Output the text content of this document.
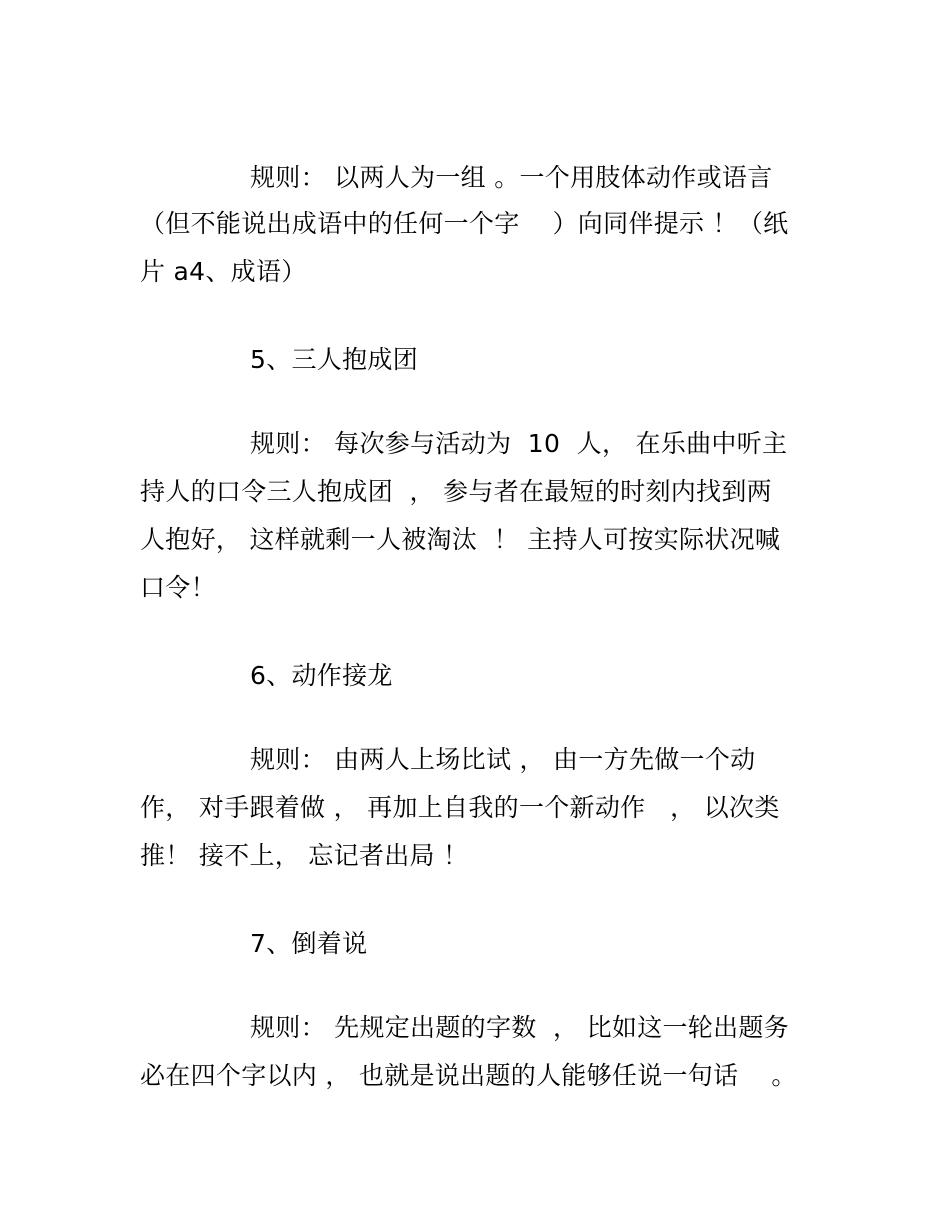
规则： 以两人为一组 。一个用肢体动作或语言
（但不能说出成语中的任何一个字    ）向同伴提示 ！（纸
片 a4、成语）
5、三人抱成团
规则： 每次参与活动为  10  人， 在乐曲中听主
持人的口令三人抱成团  ， 参与者在最短的时刻内找到两
人抱好， 这样就剩一人被淘汰  ！ 主持人可按实际状况喊
口令！
6、动作接龙
规则： 由两人上场比试 ， 由一方先做一个动
作， 对手跟着做 ， 再加上自我的一个新动作   ， 以次类
推！ 接不上， 忘记者出局 ！
7、倒着说
规则： 先规定出题的字数  ， 比如这一轮出题务
必在四个字以内 ， 也就是说出题的人能够任说一句话    。
